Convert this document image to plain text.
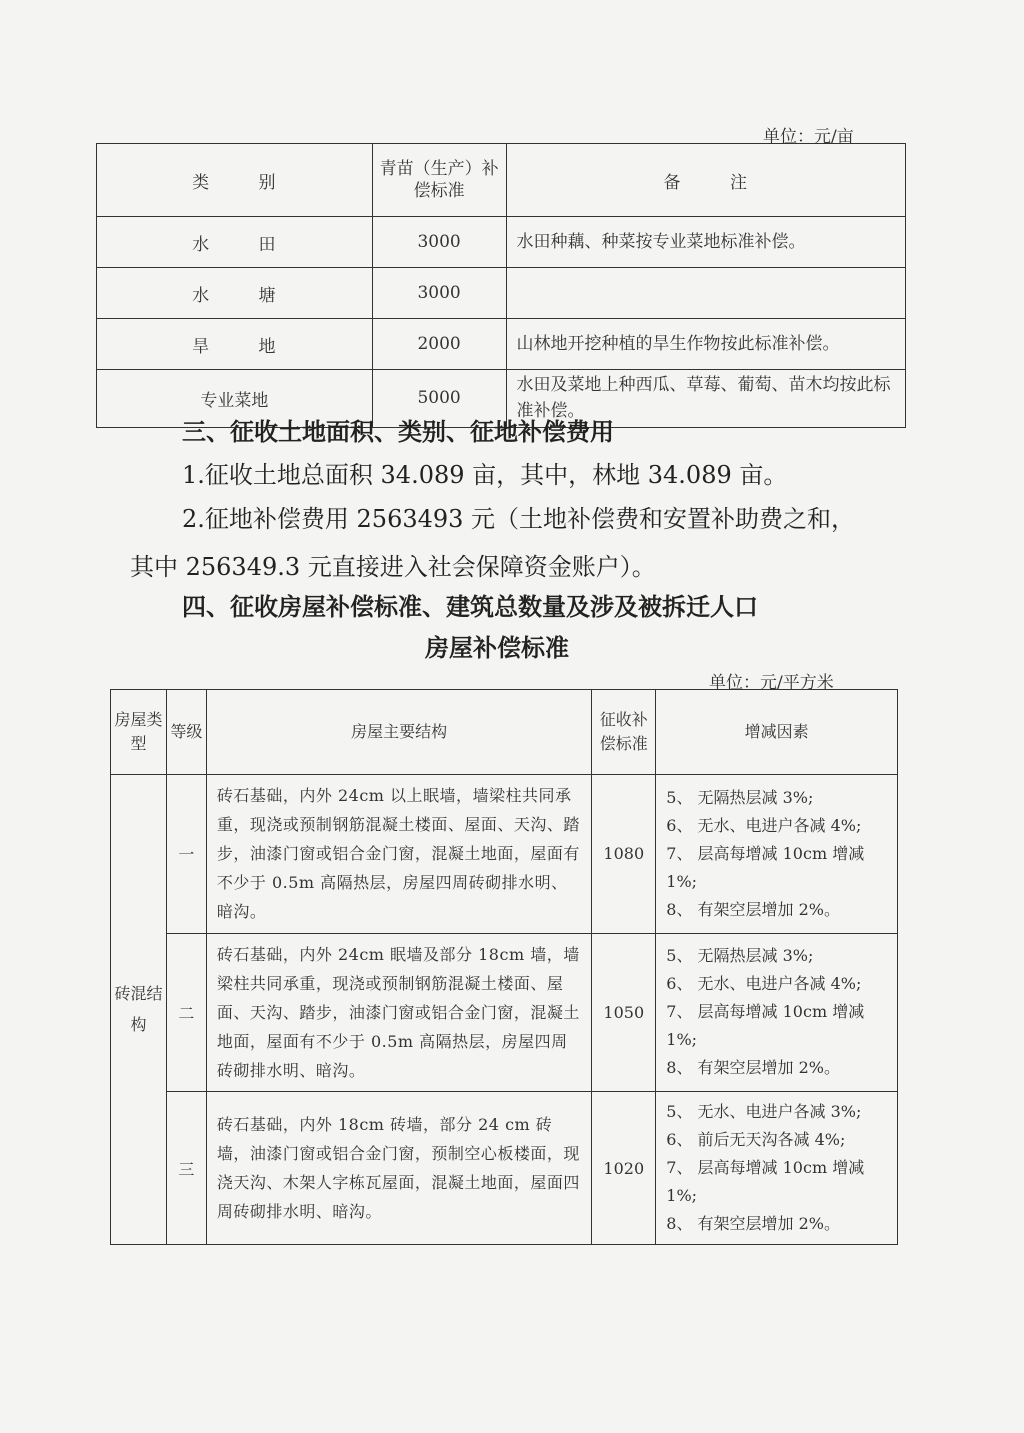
单位：元/亩
类 别	青苗（生产）补偿标准	备 注
水 田	3000	水田种藕、种菜按专业菜地标准补偿。
水 塘	3000	
旱 地	2000	山林地开挖种植的旱生作物按此标准补偿。
专业菜地	5000	水田及菜地上种西瓜、草莓、葡萄、苗木均按此标准补偿。
三、征收土地面积、类别、征地补偿费用
1.征收土地总面积 34.089 亩，其中，林地 34.089 亩。
2.征地补偿费用 2563493 元（土地补偿费和安置补助费之和，
其中 256349.3 元直接进入社会保障资金账户）。
四、征收房屋补偿标准、建筑总数量及涉及被拆迁人口
房屋补偿标准
单位：元/平方米
房屋类型	等级	房屋主要结构	征收补偿标准	增减因素
砖混结构	一	砖石基础，内外 24cm 以上眠墙，墙梁柱共同承重，现浇或预制钢筋混凝土楼面、屋面、天沟、踏步，油漆门窗或铝合金门窗，混凝土地面，屋面有不少于 0.5m 高隔热层，房屋四周砖砌排水明、暗沟。	1080	5、 无隔热层减 3%;
6、 无水、电进户各减 4%;
7、 层高每增减 10cm 增减 1%;
8、 有架空层增加 2%。

	二	砖石基础，内外 24cm 眠墙及部分 18cm 墙，墙梁柱共同承重，现浇或预制钢筋混凝土楼面、屋面、天沟、踏步，油漆门窗或铝合金门窗，混凝土地面，屋面有不少于 0.5m 高隔热层，房屋四周砖砌排水明、暗沟。	1050	5、 无隔热层减 3%;
6、 无水、电进户各减 4%;
7、 层高每增减 10cm 增减 1%;
8、 有架空层增加 2%。

	三	砖石基础，内外 18cm 砖墙，部分 24 cm 砖墙，油漆门窗或铝合金门窗，预制空心板楼面，现浇天沟、木架人字栋瓦屋面，混凝土地面，屋面四周砖砌排水明、暗沟。	1020	5、 无水、电进户各减 3%;
6、 前后无天沟各减 4%;
7、 层高每增减 10cm 增减 1%;
8、 有架空层增加 2%。
